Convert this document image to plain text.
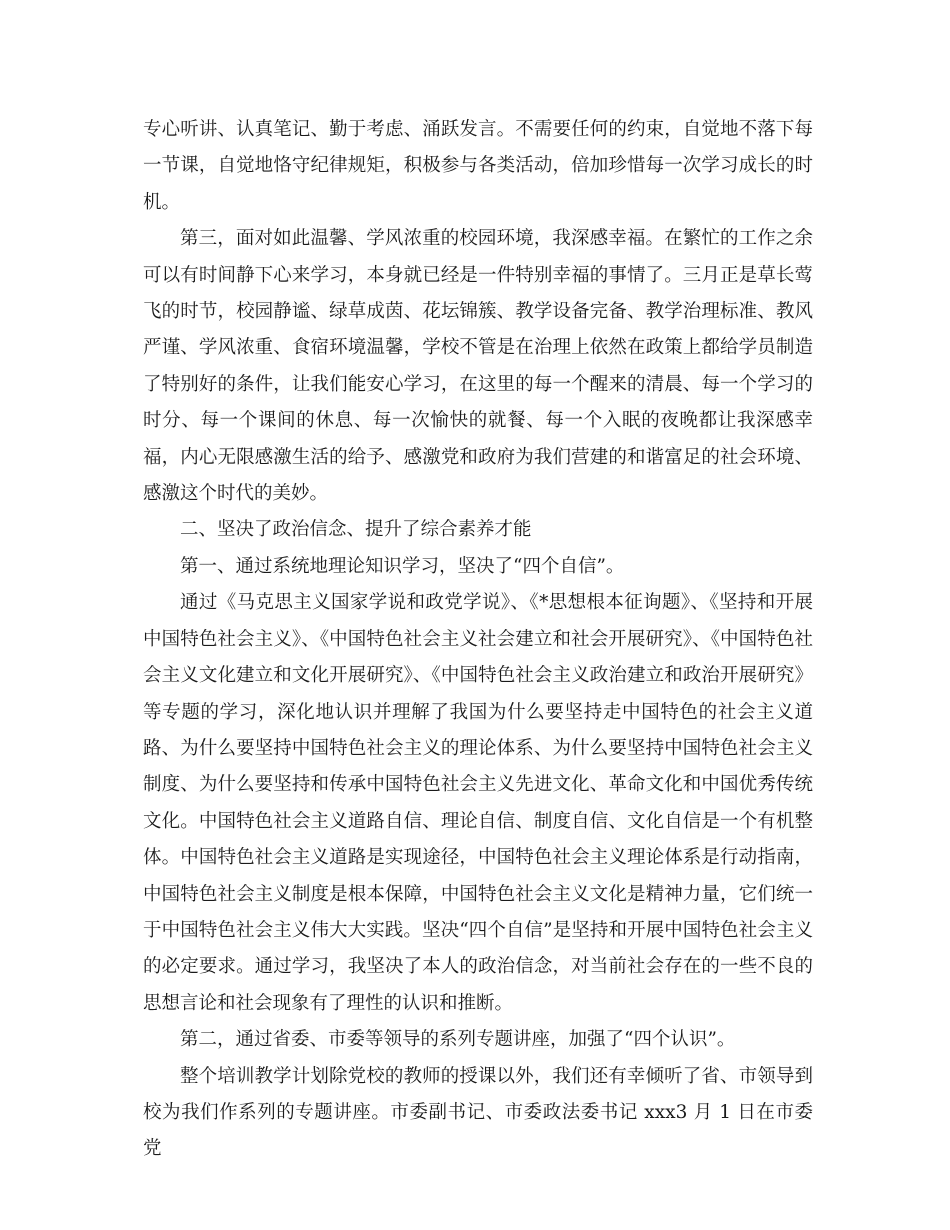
专心听讲、认真笔记、勤于考虑、涌跃发言。不需要任何的约束，自觉地不落下每一节课，自觉地恪守纪律规矩，积极参与各类活动，倍加珍惜每一次学习成长的时机。

第三，面对如此温馨、学风浓重的校园环境，我深感幸福。在繁忙的工作之余可以有时间静下心来学习，本身就已经是一件特别幸福的事情了。三月正是草长莺飞的时节，校园静谧、绿草成茵、花坛锦簇、教学设备完备、教学治理标准、教风严谨、学风浓重、食宿环境温馨，学校不管是在治理上依然在政策上都给学员制造了特别好的条件，让我们能安心学习，在这里的每一个醒来的清晨、每一个学习的时分、每一个课间的休息、每一次愉快的就餐、每一个入眠的夜晚都让我深感幸福，内心无限感激生活的给予、感激党和政府为我们营建的和谐富足的社会环境、感激这个时代的美妙。

二、坚决了政治信念、提升了综合素养才能

第一、通过系统地理论知识学习，坚决了“四个自信”。

通过《马克思主义国家学说和政党学说》、《*思想根本征询题》、《坚持和开展中国特色社会主义》、《中国特色社会主义社会建立和社会开展研究》、《中国特色社会主义文化建立和文化开展研究》、《中国特色社会主义政治建立和政治开展研究》等专题的学习，深化地认识并理解了我国为什么要坚持走中国特色的社会主义道路、为什么要坚持中国特色社会主义的理论体系、为什么要坚持中国特色社会主义制度、为什么要坚持和传承中国特色社会主义先进文化、革命文化和中国优秀传统文化。中国特色社会主义道路自信、理论自信、制度自信、文化自信是一个有机整体。中国特色社会主义道路是实现途径，中国特色社会主义理论体系是行动指南，中国特色社会主义制度是根本保障，中国特色社会主义文化是精神力量，它们统一于中国特色社会主义伟大大实践。坚决“四个自信”是坚持和开展中国特色社会主义的必定要求。通过学习，我坚决了本人的政治信念，对当前社会存在的一些不良的思想言论和社会现象有了理性的认识和推断。

第二，通过省委、市委等领导的系列专题讲座，加强了“四个认识”。

整个培训教学计划除党校的教师的授课以外，我们还有幸倾听了省、市领导到校为我们作系列的专题讲座。市委副书记、市委政法委书记 xxx3 月 1 日在市委党
